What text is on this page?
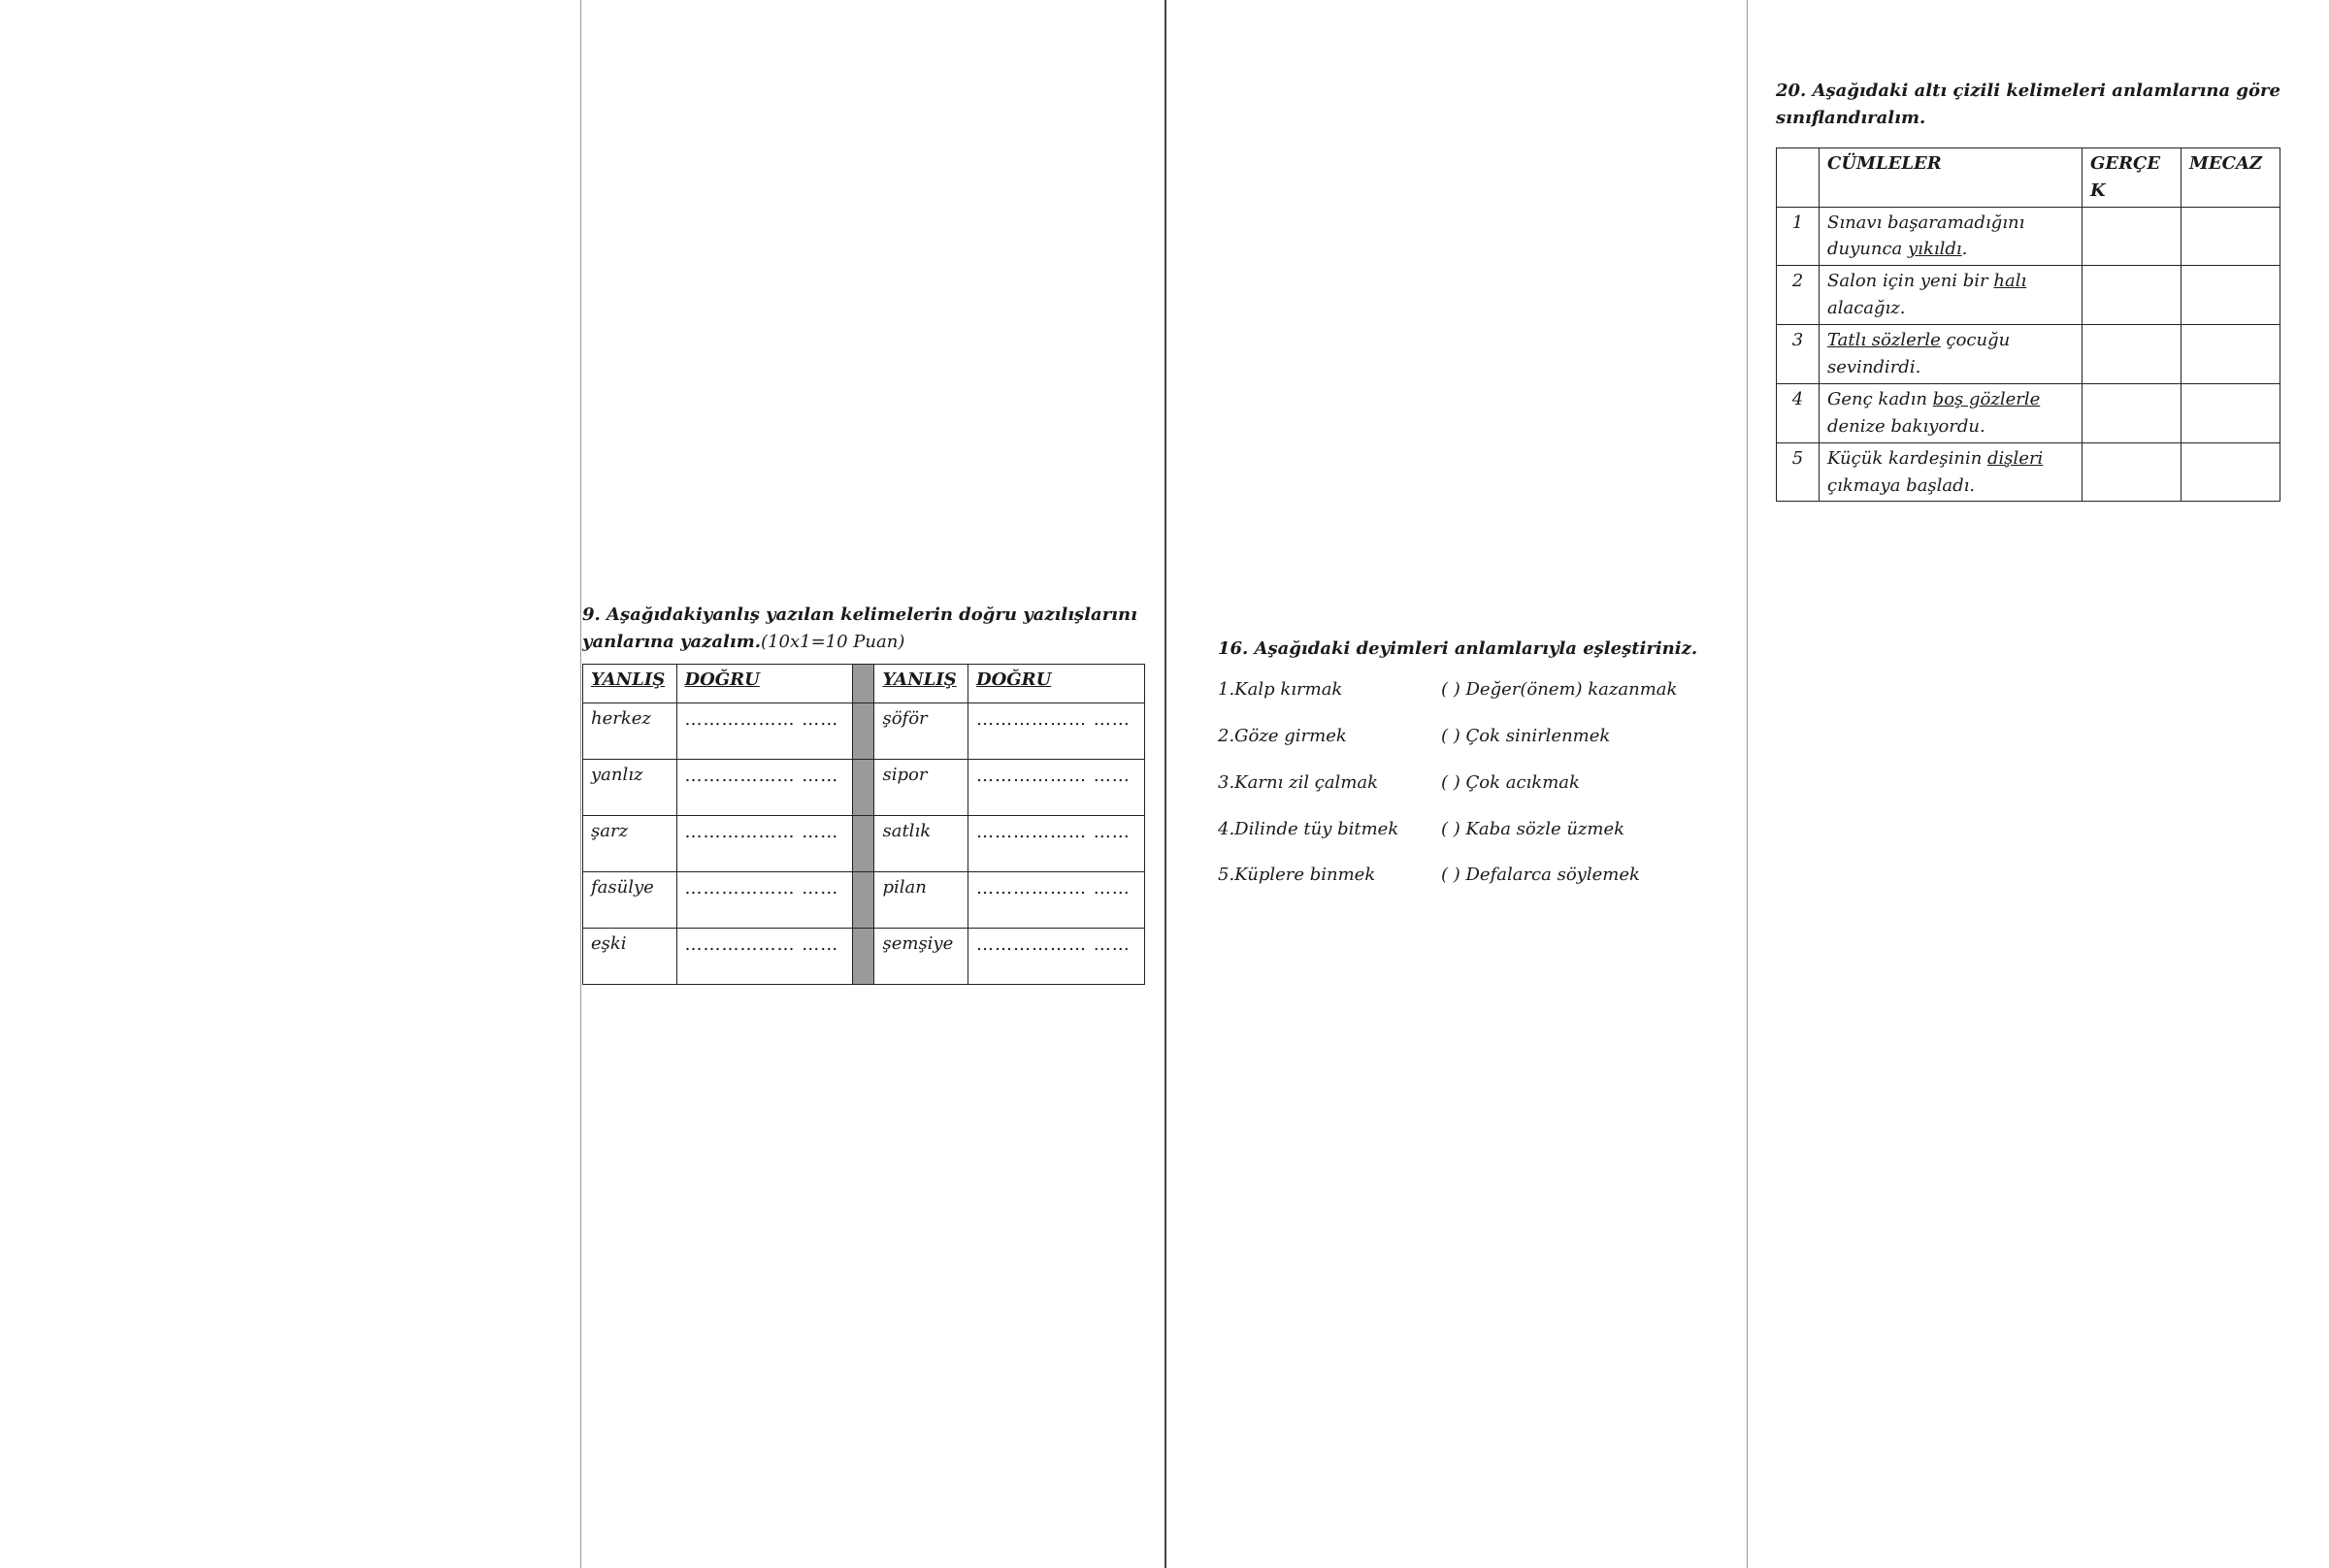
9. Aşağıdakiyanlış yazılan kelimelerin doğru yazılışlarını yanlarına yazalım.(10x1=10 Puan)
YANLIŞ	DOĞRU		YANLIŞ	DOĞRU
herkez	……………… ……		şöför	……………… ……
yanlız	……………… ……		sipor	……………… ……
şarz	……………… ……		satlık	……………… ……
fasülye	……………… ……		pilan	……………… ……
eşki	……………… ……		şemşiye	……………… ……
16. Aşağıdaki deyimleri anlamlarıyla eşleştiriniz.
1.Kalp kırmak	( ) Değer(önem) kazanmak
2.Göze girmek	( ) Çok sinirlenmek
3.Karnı zil çalmak	( ) Çok acıkmak
4.Dilinde tüy bitmek	( ) Kaba sözle üzmek
5.Küplere binmek	( ) Defalarca söylemek
20. Aşağıdaki altı çizili kelimeleri anlamlarına göre sınıflandıralım.
	CÜMLELER	GERÇE K	MECAZ
1	Sınavı başaramadığını duyunca yıkıldı.		
2	Salon için yeni bir halı alacağız.		
3	Tatlı sözlerle çocuğu sevindirdi.		
4	Genç kadın boş gözlerle denize bakıyordu.		
5	Küçük kardeşinin dişleri çıkmaya başladı.		
